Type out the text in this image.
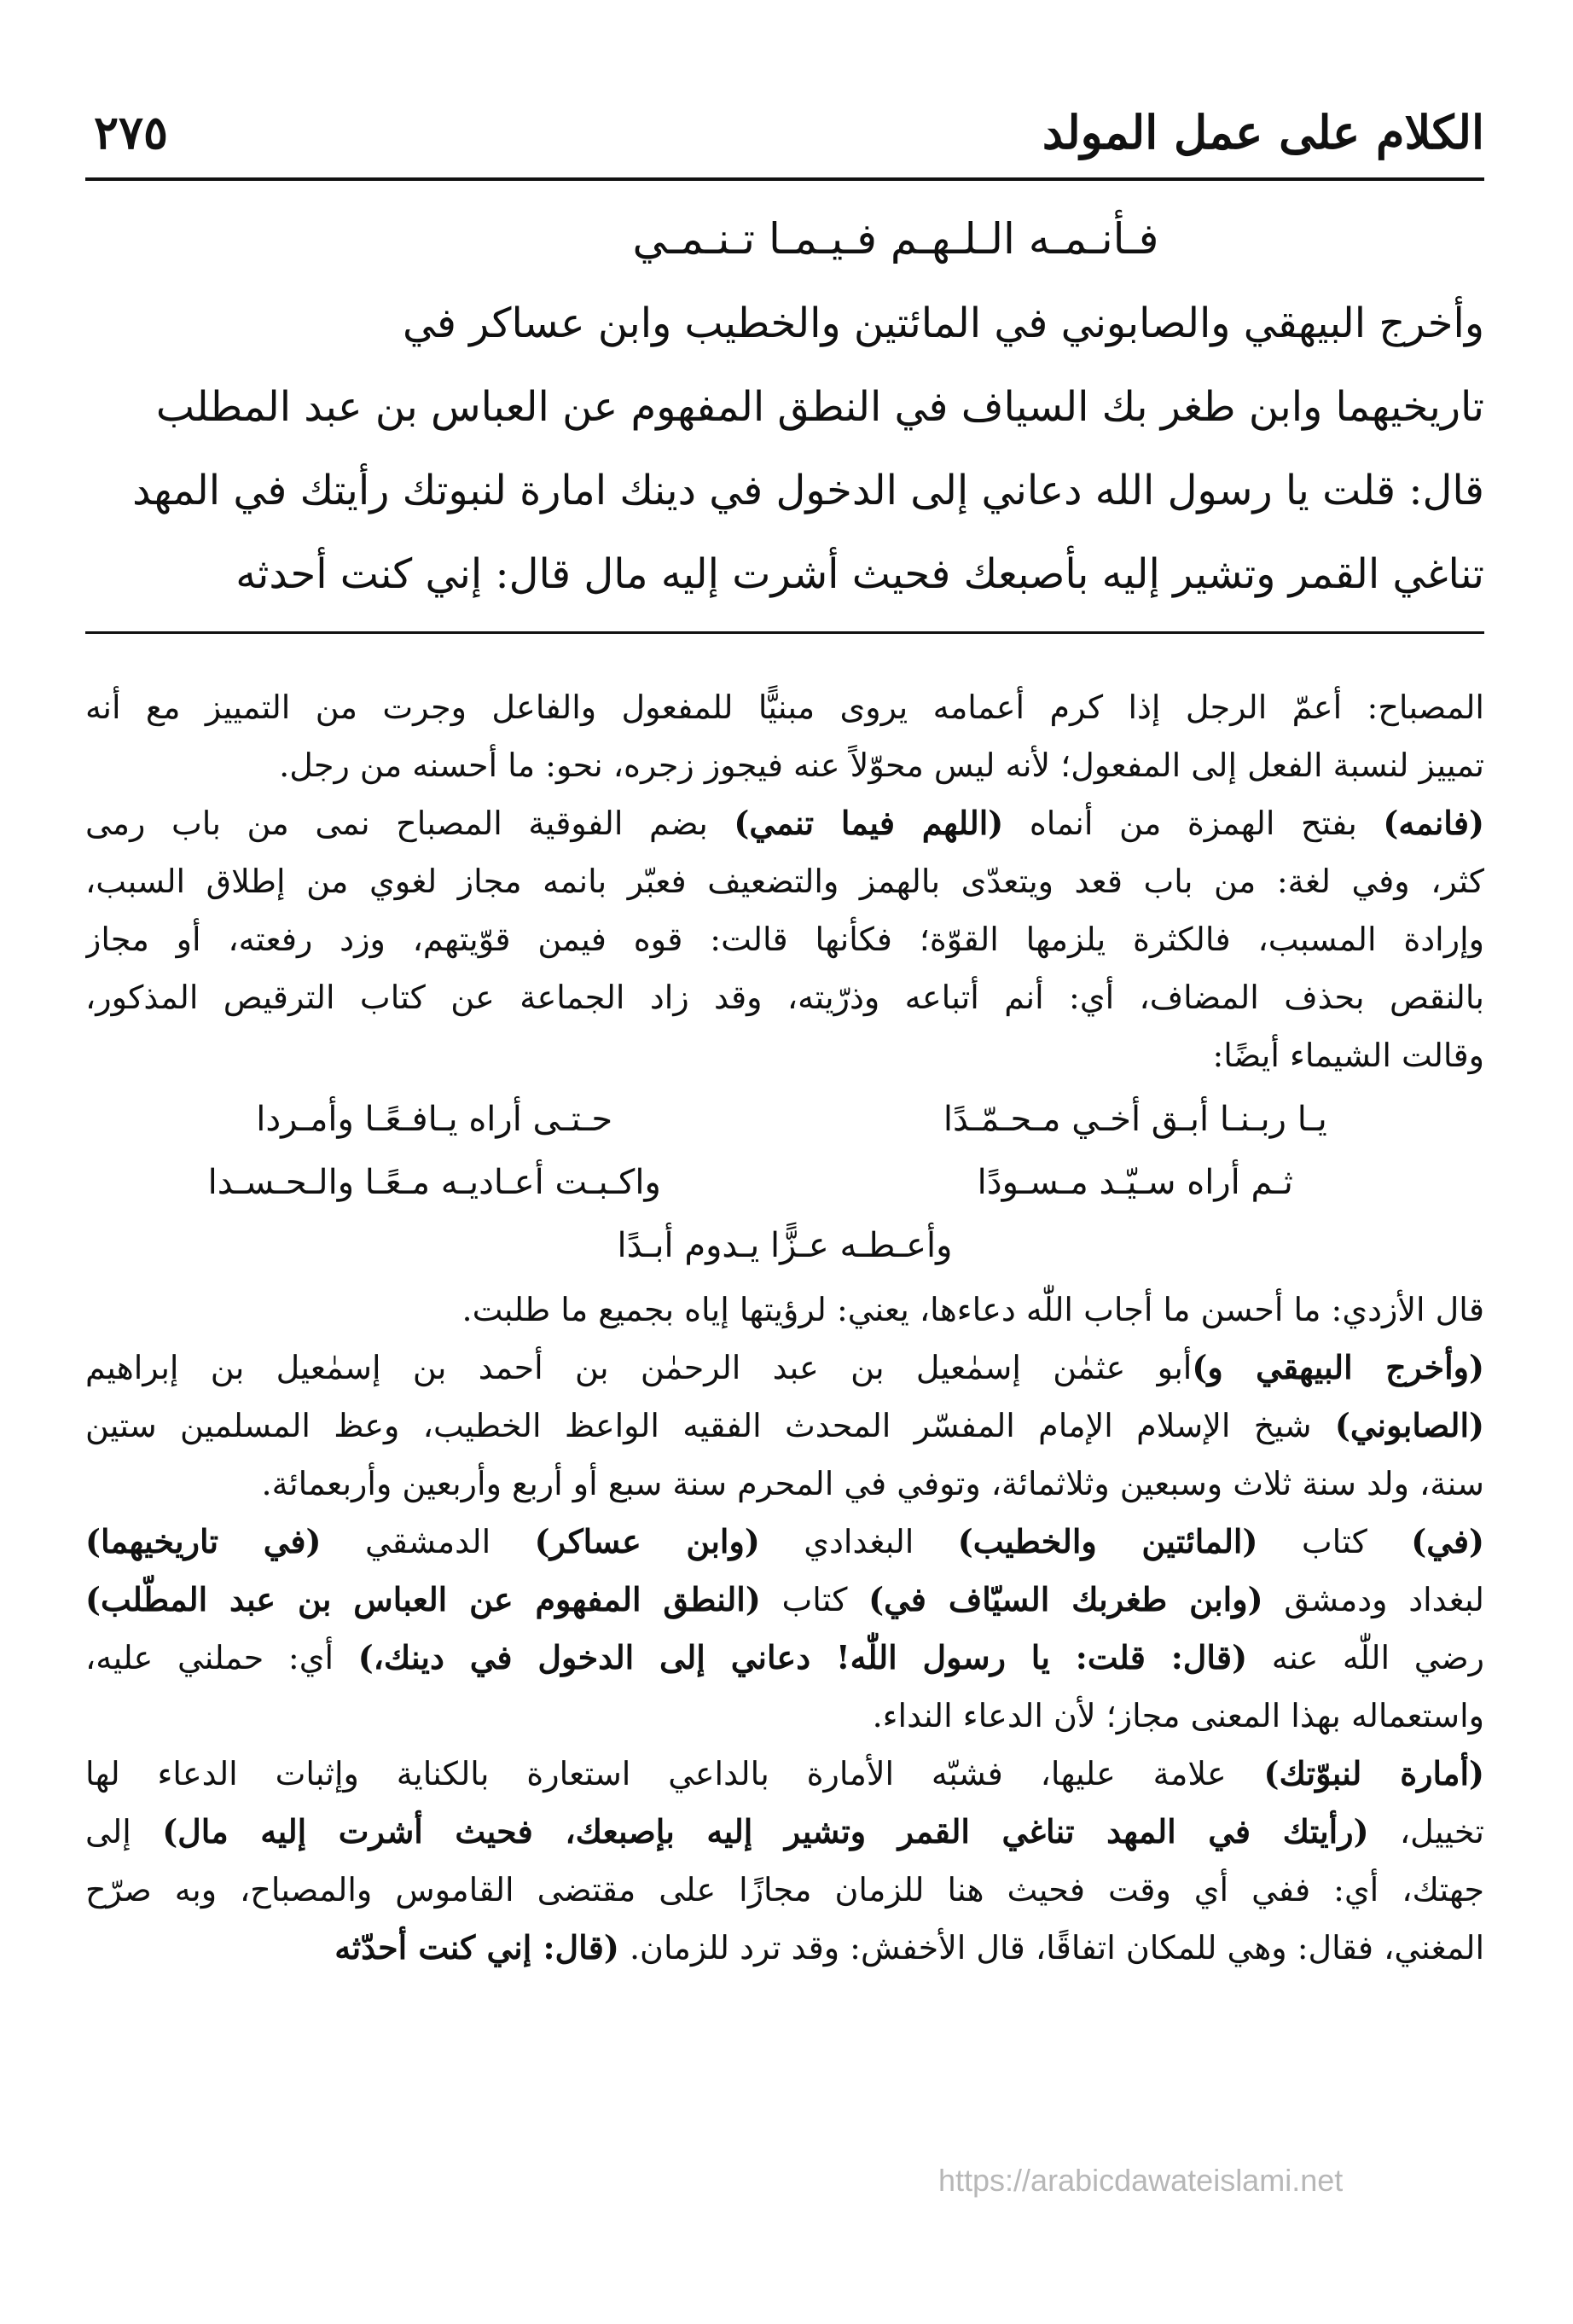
الكلام على عمل المولد
٢٧٥
فـأنـمـه الـلـهـم فـيـمـا تـنـمـي
وأخرج البيهقي والصابوني في المائتين والخطيب وابن عساكر في
تاريخيهما وابن طغر بك السياف في النطق المفهوم عن العباس بن عبد المطلب
قال: قلت يا رسول الله دعاني إلى الدخول في دينك امارة لنبوتك رأيتك في المهد
تناغي القمر وتشير إليه بأصبعك فحيث أشرت إليه مال قال: إني كنت أحدثه
المصباح: أعمّ الرجل إذا كرم أعمامه يروى مبنيًّا للمفعول والفاعل وجرت من التمييز مع أنه
تمييز لنسبة الفعل إلى المفعول؛ لأنه ليس محوّلاً عنه فيجوز زجره، نحو: ما أحسنه من رجل.
(فانمه) بفتح الهمزة من أنماه (اللهم فيما تنمي) بضم الفوقية المصباح نمى من باب رمى
كثر، وفي لغة: من باب قعد ويتعدّى بالهمز والتضعيف فعبّر بانمه مجاز لغوي من إطلاق السبب،
وإرادة المسبب، فالكثرة يلزمها القوّة؛ فكأنها قالت: قوه فيمن قوّيتهم، وزد رفعته، أو مجاز
بالنقص بحذف المضاف، أي: أنم أتباعه وذرّيته، وقد زاد الجماعة عن كتاب الترقيص المذكور،
وقالت الشيماء أيضًا:
يـا ربـنـا أبـق أخـي مـحـمّـدًا
حـتـى أراه يـافـعًـا وأمـردا
ثـم أراه سـيّـد مـسـودًا
واكـبـت أعـاديـه مـعًـا والـحـسـدا
وأعـطـه عـزًّا يـدوم أبـدًا
قال الأزدي: ما أحسن ما أجاب اللّٰه دعاءها، يعني: لرؤيتها إياه بجميع ما طلبت.
(وأخرج البيهقي و)أبو عثمٰن إسمٰعيل بن عبد الرحمٰن بن أحمد بن إسمٰعيل بن إبراهيم
(الصابوني) شيخ الإسلام الإمام المفسّر المحدث الفقيه الواعظ الخطيب، وعظ المسلمين ستين
سنة، ولد سنة ثلاث وسبعين وثلاثمائة، وتوفي في المحرم سنة سبع أو أربع وأربعين وأربعمائة.
(في) كتاب (المائتين والخطيب) البغدادي (وابن عساكر) الدمشقي (في تاريخيهما)
لبغداد ودمشق (وابن طغربك السيّاف في) كتاب (النطق المفهوم عن العباس بن عبد المطّلب)
رضي اللّٰه عنه (قال: قلت: يا رسول اللّٰه! دعاني إلى الدخول في دينك،) أي: حملني عليه،
واستعماله بهذا المعنى مجاز؛ لأن الدعاء النداء.
(أمارة لنبوّتك) علامة عليها، فشبّه الأمارة بالداعي استعارة بالكناية وإثبات الدعاء لها
تخييل، (رأيتك في المهد تناغي القمر وتشير إليه بإصبعك، فحيث أشرت إليه مال) إلى
جهتك، أي: ففي أي وقت فحيث هنا للزمان مجازًا على مقتضى القاموس والمصباح، وبه صرّح
المغني، فقال: وهي للمكان اتفاقًا، قال الأخفش: وقد ترد للزمان. (قال: إني كنت أحدّثه
https://arabicdawateislami.net
